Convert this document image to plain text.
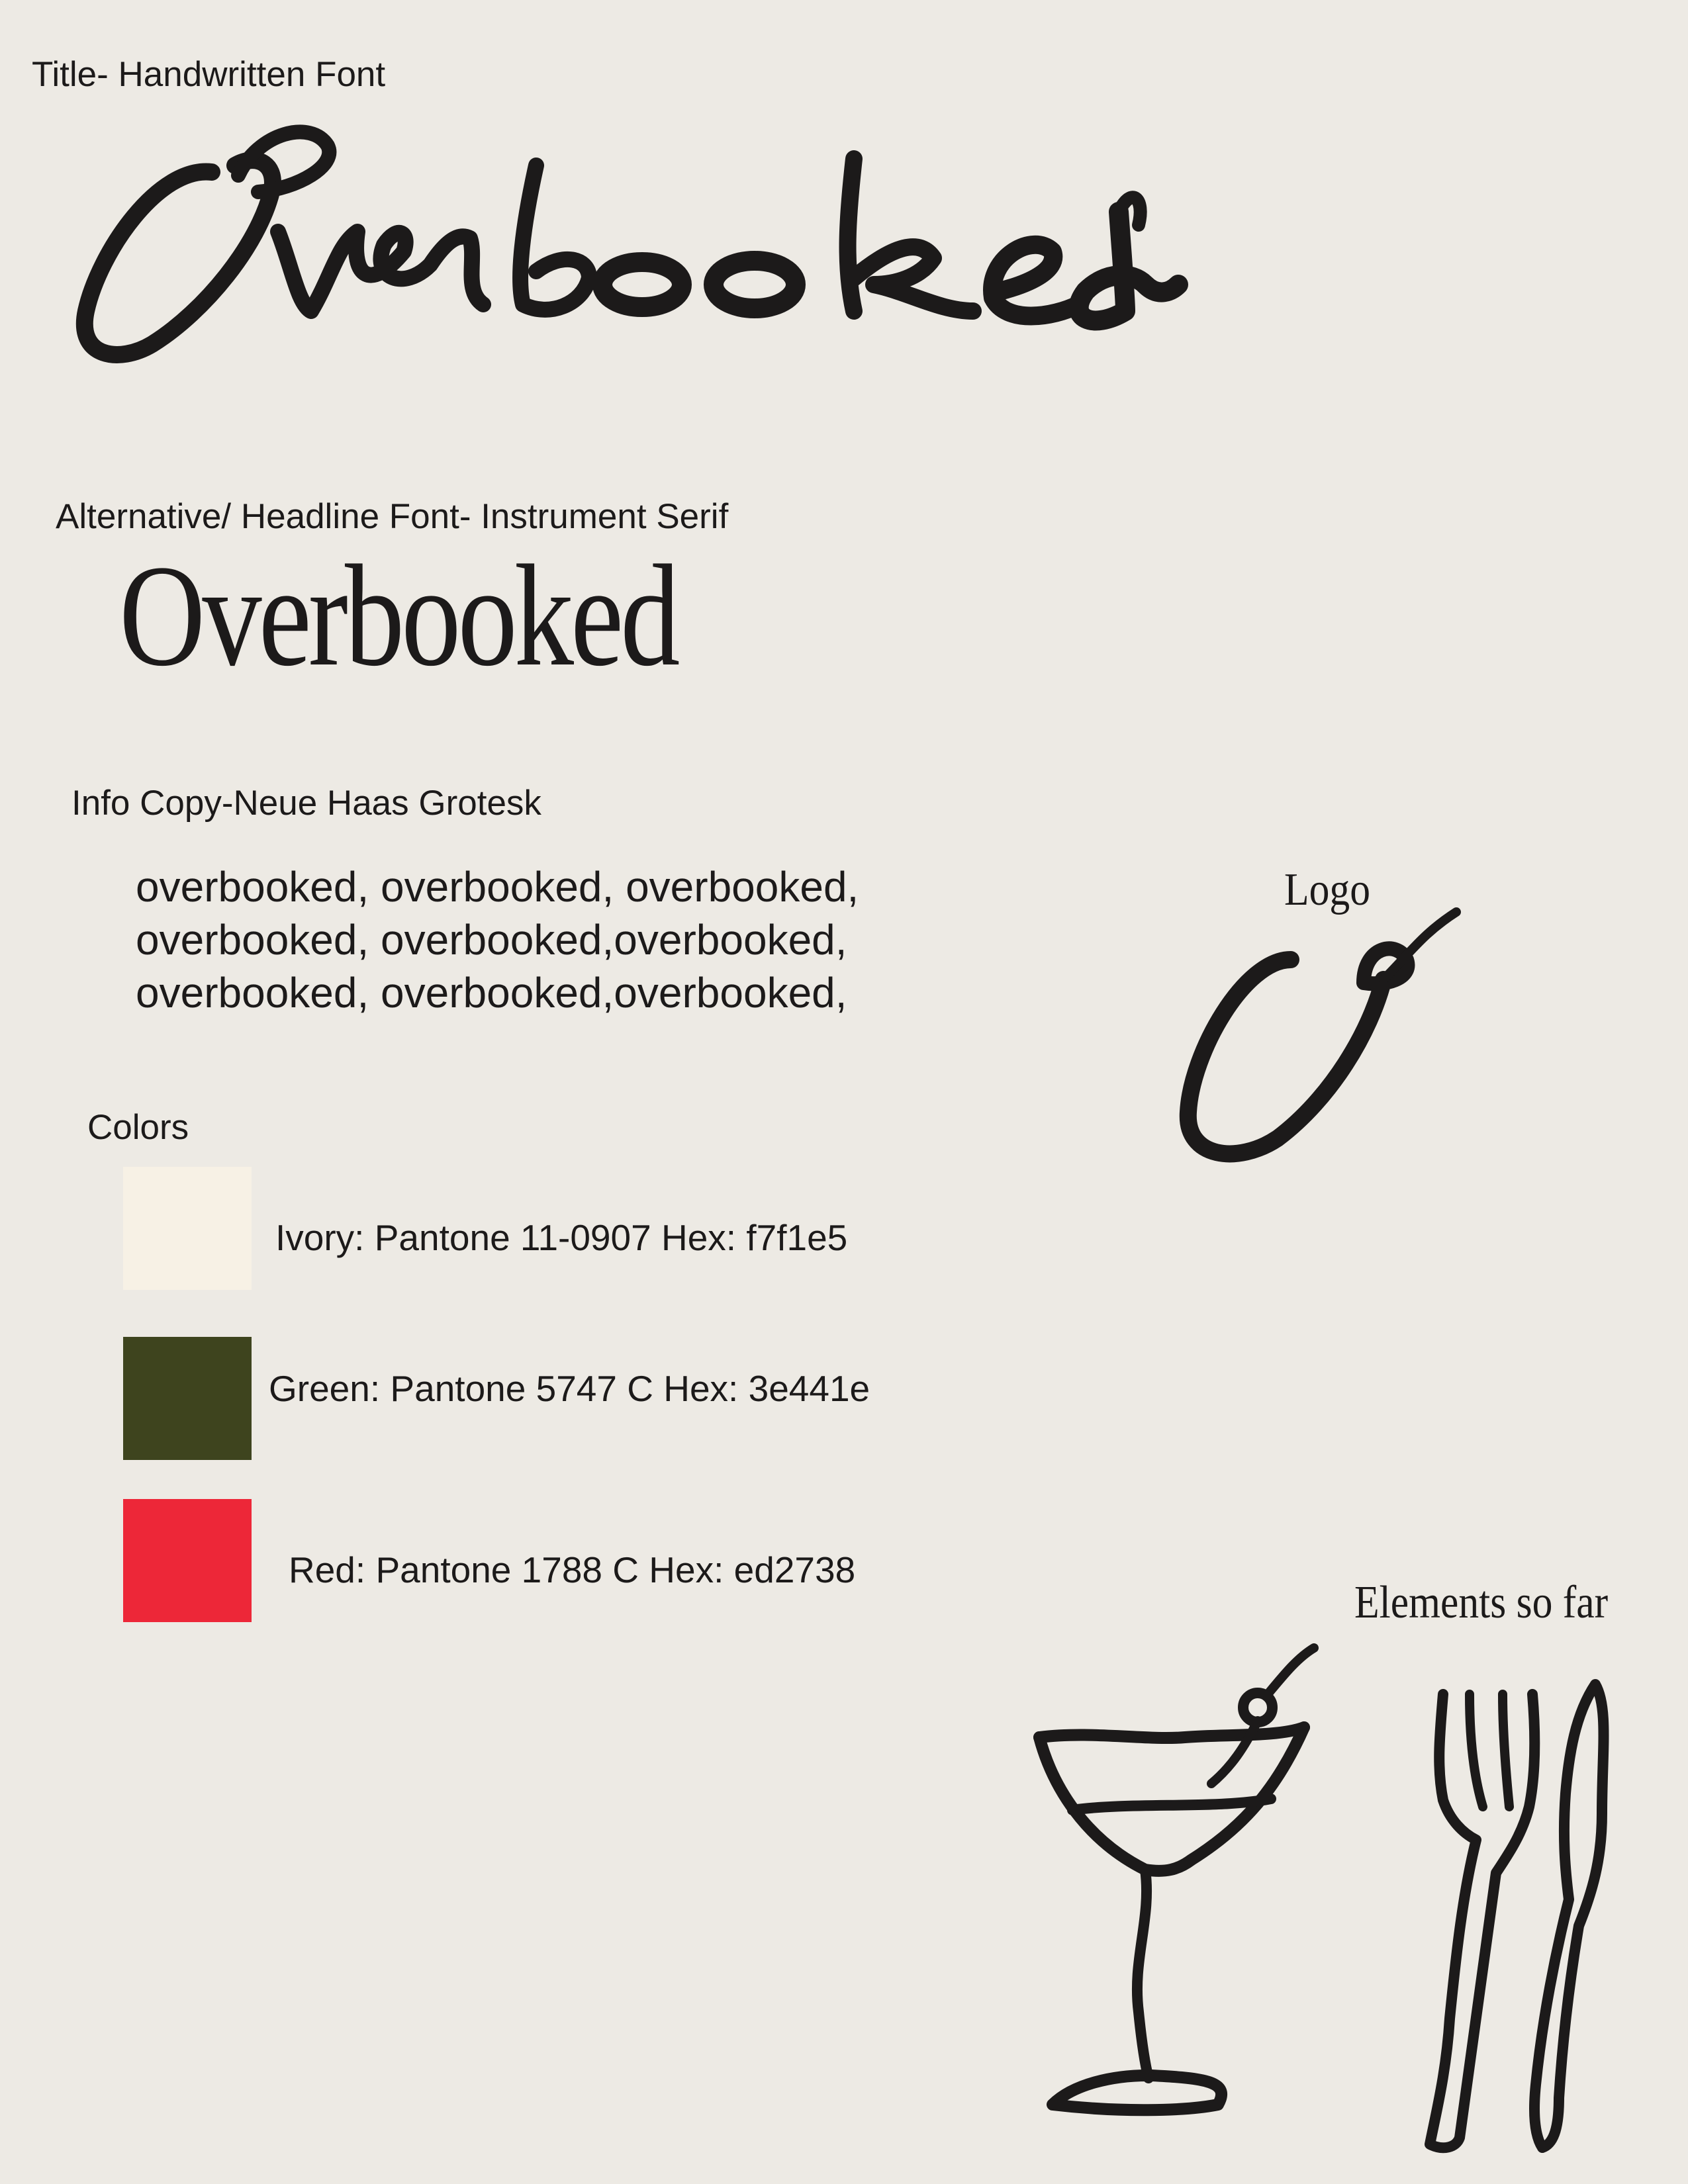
Title- Handwritten Font
Alternative/ Headline Font- Instrument Serif
Overbooked
Info Copy-Neue Haas Grotesk
overbooked, overbooked, overbooked,
overbooked, overbooked,overbooked,
overbooked, overbooked,overbooked,
Colors
Ivory: Pantone 11-0907 Hex: f7f1e5
Green: Pantone 5747 C Hex: 3e441e
Red: Pantone 1788 C Hex: ed2738
Logo
Elements so far
